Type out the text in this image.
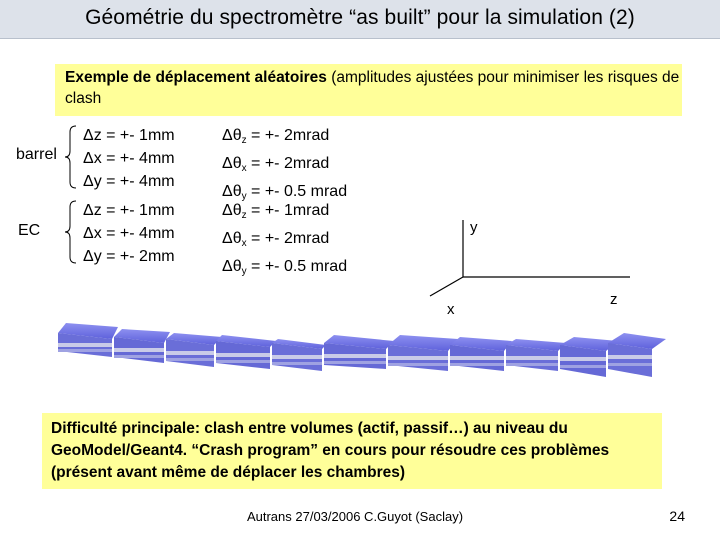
Géométrie du spectromètre “as built” pour la simulation (2)
Exemple de déplacement aléatoires (amplitudes ajustées pour minimiser les risques de clash
barrel
Δz = +- 1mm
Δx = +- 4mm
Δy = +- 4mm
$\Delta\theta_z$ = +- 2mrad
$\Delta\theta_x$ = +- 2mrad
$\Delta\theta_y$ = +- 0.5 mrad
EC
Δz = +- 1mm
Δx = +- 4mm
Δy = +- 2mm
$\Delta\theta_z$ = +- 1mrad
$\Delta\theta_x$ = +- 2mrad
$\Delta\theta_y$ = +- 0.5 mrad
y
x
z
Difficulté principale: clash entre volumes (actif, passif…) au niveau du GeoModel/Geant4. “Crash program” en cours pour résoudre ces problèmes (présent avant même de déplacer les chambres)
Autrans 27/03/2006 C.Guyot (Saclay)	24
